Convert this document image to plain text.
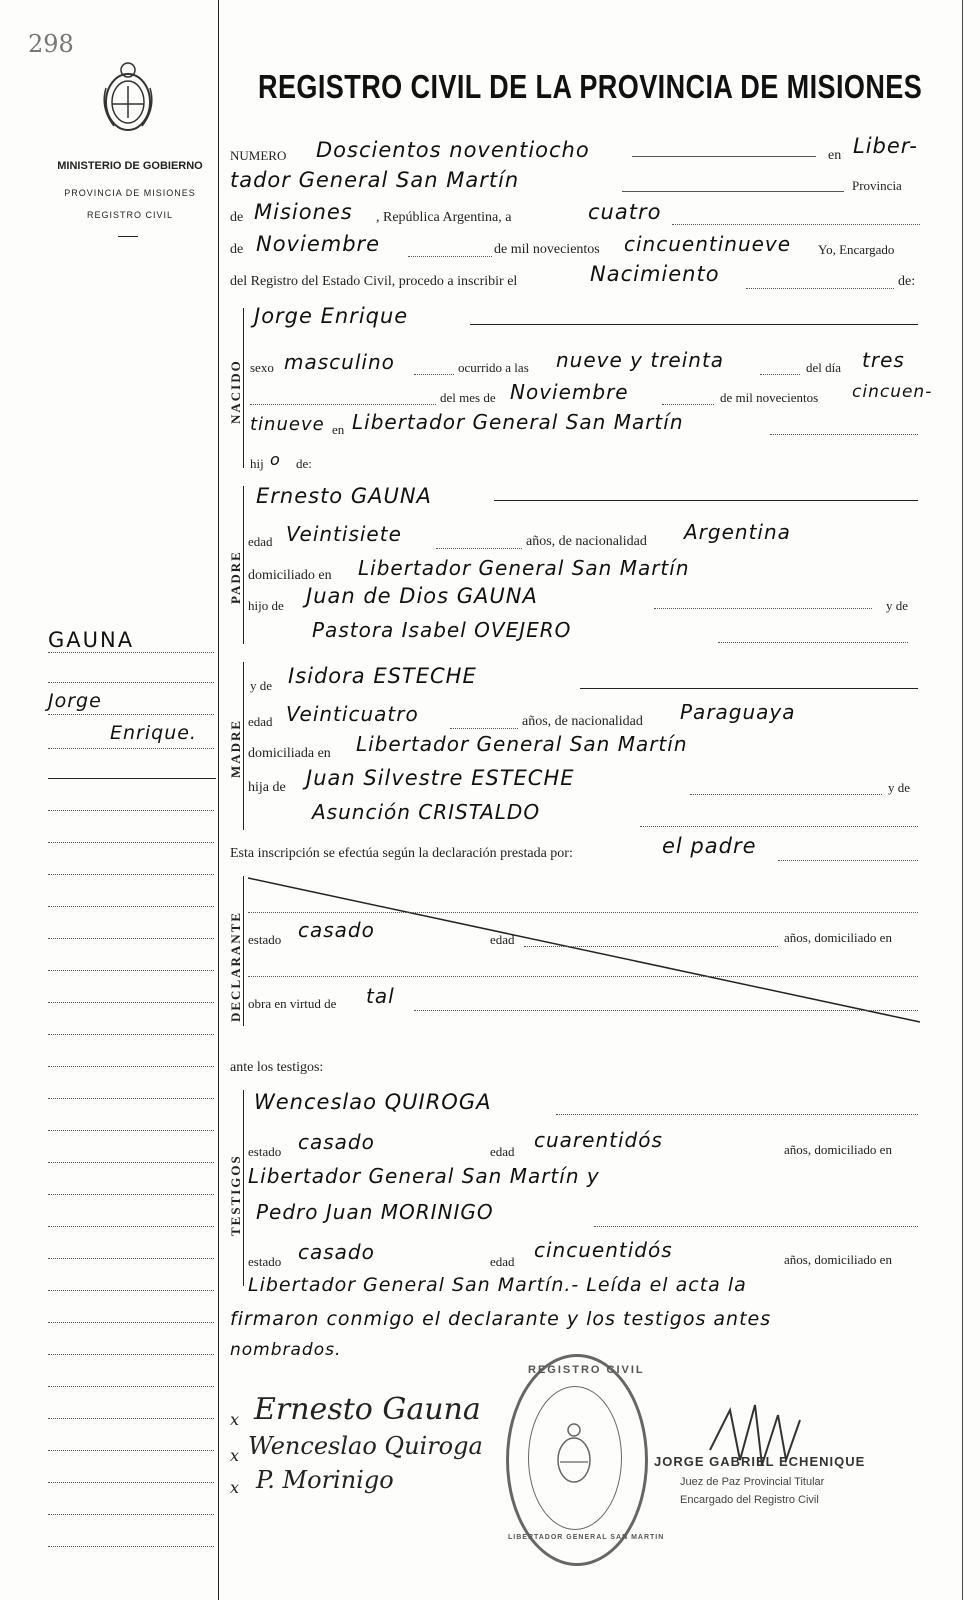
298
MINISTERIO DE GOBIERNO
PROVINCIA DE MISIONES
REGISTRO CIVIL
REGISTRO CIVIL DE LA PROVINCIA DE MISIONES
NUMERO Doscientos noventiocho	en Liber-
tador General San Martín	Provincia
de Misiones , República Argentina, a	cuatro
de Noviembre	de mil novecientos cincuentinueve Yo, Encargado
del Registro del Estado Civil, procedo a inscribir el	Nacimiento	de:
NACIDO
Jorge Enrique
sexo masculino	ocurrido a las nueve y treinta	del día tres
del mes de Noviembre	de mil novecientos cincuen-
tinueve en Libertador General San Martín
hij o de:
PADRE
Ernesto GAUNA
edad Veintisiete	años, de nacionalidad Argentina
domiciliado en Libertador General San Martín
hijo de Juan de Dios GAUNA	y de
Pastora Isabel OVEJERO
MADRE
y de Isidora ESTECHE
edad Veinticuatro	años, de nacionalidad Paraguaya
domiciliada en Libertador General San Martín
hija de Juan Silvestre ESTECHE	y de
Asunción CRISTALDO
Esta inscripción se efectúa según la declaración prestada por:	el padre
DECLARANTE estado casado	edad	años, domiciliado en
obra en virtud de tal
ante los testigos:
TESTIGOS
Wenceslao QUIROGA
estado casado	edad cuarentidós	años, domiciliado en
Libertador General San Martín y
Pedro Juan MORINIGO
estado casado	edad cincuentidós	años, domiciliado en
Libertador General San Martín.- Leída el acta la
firmaron conmigo el declarante y los testigos antes
nombrados.
GAUNA
Jorge
Enrique.
x Ernesto Gauna
x Wenceslao Quiroga
x P. Morinigo
REGISTRO CIVIL
LIBERTADOR GENERAL SAN MARTIN
JORGE GABRIEL ECHENIQUE
Juez de Paz Provincial Titular
Encargado del Registro Civil
